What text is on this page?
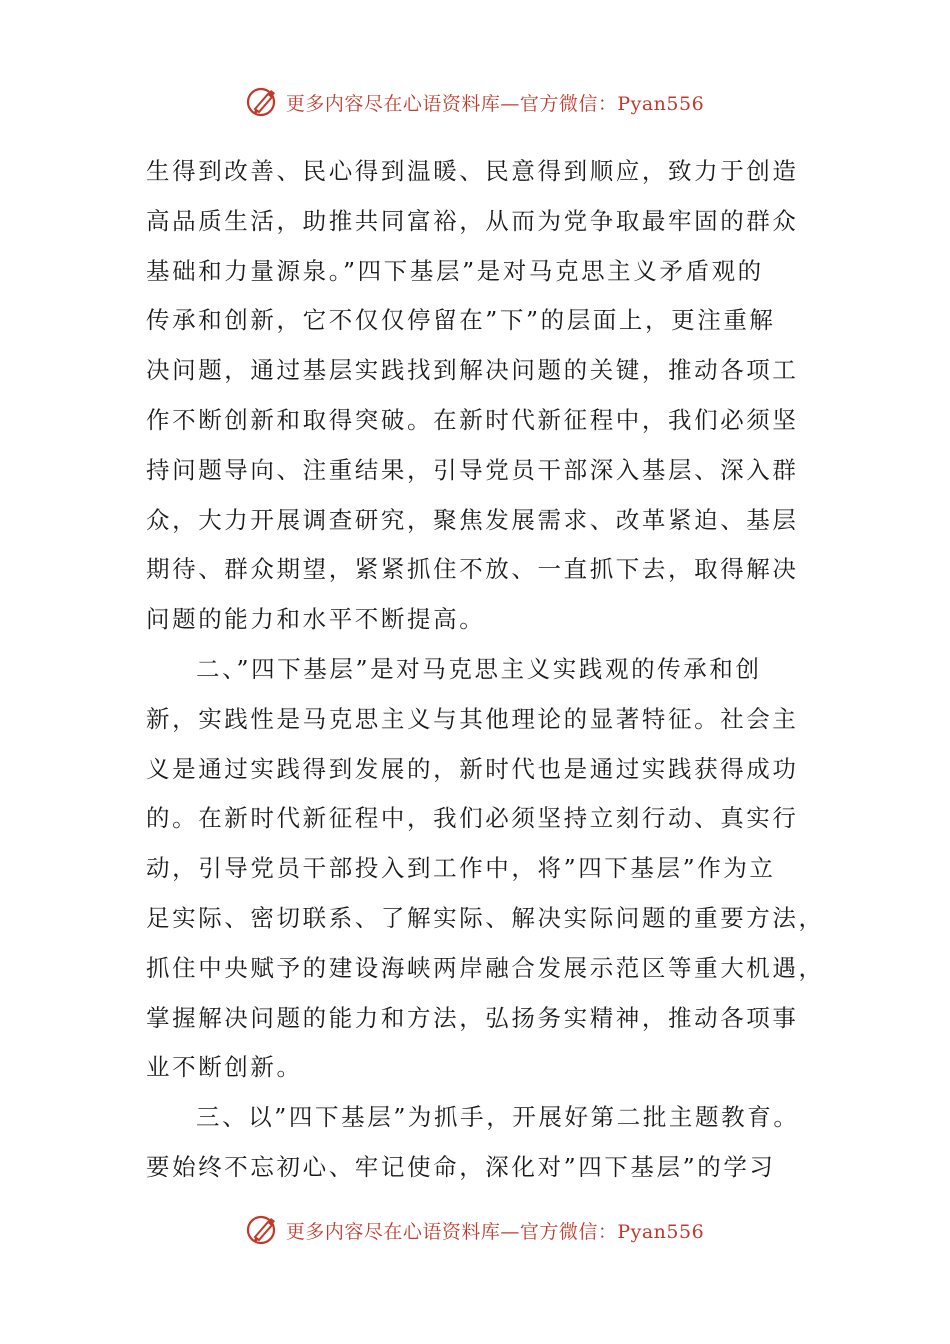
更多内容尽在心语资料库—官方微信：Pyan556
生得到改善、民心得到温暖、民意得到顺应，致力于创造
高品质生活，助推共同富裕，从而为党争取最牢固的群众
基础和力量源泉。”四下基层”是对马克思主义矛盾观的
传承和创新，它不仅仅停留在”下”的层面上，更注重解
决问题，通过基层实践找到解决问题的关键，推动各项工
作不断创新和取得突破。在新时代新征程中，我们必须坚
持问题导向、注重结果，引导党员干部深入基层、深入群
众，大力开展调查研究，聚焦发展需求、改革紧迫、基层
期待、群众期望，紧紧抓住不放、一直抓下去，取得解决
问题的能力和水平不断提高。
二、”四下基层”是对马克思主义实践观的传承和创
新，实践性是马克思主义与其他理论的显著特征。社会主
义是通过实践得到发展的，新时代也是通过实践获得成功
的。在新时代新征程中，我们必须坚持立刻行动、真实行
动，引导党员干部投入到工作中，将”四下基层”作为立
足实际、密切联系、了解实际、解决实际问题的重要方法，
抓住中央赋予的建设海峡两岸融合发展示范区等重大机遇，
掌握解决问题的能力和方法，弘扬务实精神，推动各项事
业不断创新。
三、以”四下基层”为抓手，开展好第二批主题教育。
要始终不忘初心、牢记使命，深化对”四下基层”的学习
更多内容尽在心语资料库—官方微信：Pyan556
